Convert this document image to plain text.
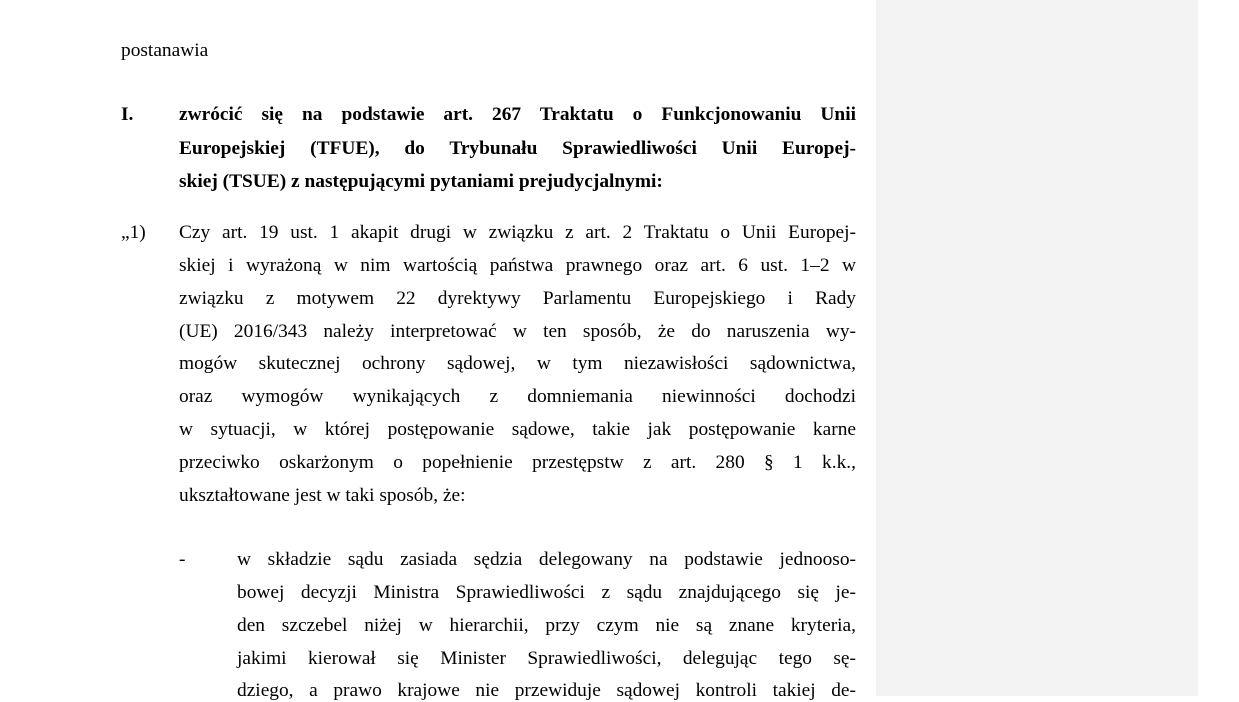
postanawia

I. zwrócić się na podstawie art. 267 Traktatu o Funkcjonowaniu Unii

Europejskiej (TFUE), do Trybunału Sprawiedliwości Unii Europej-

skiej (TSUE) z następującymi pytaniami prejudycjalnymi:

„1) Czy art. 19 ust. 1 akapit drugi w związku z art. 2 Traktatu o Unii Europej-

skiej i wyrażoną w nim wartością państwa prawnego oraz art. 6 ust. 1–2 w

związku z motywem 22 dyrektywy Parlamentu Europejskiego i Rady

(UE) 2016/343 należy interpretować w ten sposób, że do naruszenia wy-

mogów skutecznej ochrony sądowej, w tym niezawisłości sądownictwa,

oraz wymogów wynikających z domniemania niewinności dochodzi

w sytuacji, w której postępowanie sądowe, takie jak postępowanie karne

przeciwko oskarżonym o popełnienie przestępstw z art. 280 § 1 k.k.,

ukształtowane jest w taki sposób, że:

-	w składzie sądu zasiada sędzia delegowany na podstawie jednooso-

bowej decyzji Ministra Sprawiedliwości z sądu znajdującego się je-

den szczebel niżej w hierarchii, przy czym nie są znane kryteria,

jakimi kierował się Minister Sprawiedliwości, delegując tego sę-

dziego, a prawo krajowe nie przewiduje sądowej kontroli takiej de-
